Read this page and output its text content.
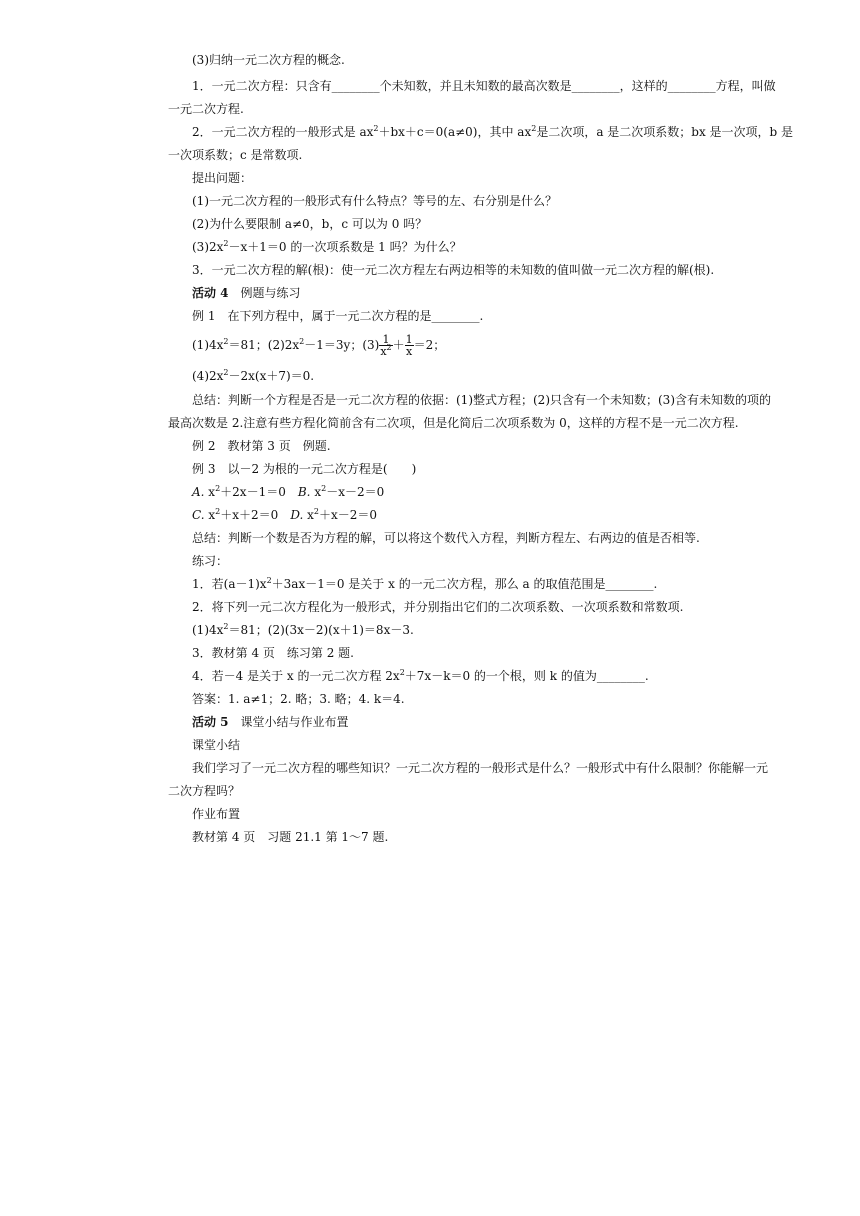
(3)归纳一元二次方程的概念.
1．一元二次方程：只含有________个未知数，并且未知数的最高次数是________，这样的________方程，叫做
一元二次方程.
2．一元二次方程的一般形式是 $ax^2+bx+c=0(a\ne 0)$，其中 $ax^2$是二次项，a 是二次项系数；bx 是一次项，b 是
一次项系数；c 是常数项.
提出问题：
(1)一元二次方程的一般形式有什么特点？等号的左、右分别是什么？
(2)为什么要限制 a≠0，b，c 可以为 0 吗？
$(3)2x^2-x+1=0$ 的一次项系数是 1 吗？为什么？
3．一元二次方程的解(根)：使一元二次方程左右两边相等的未知数的值叫做一元二次方程的解(根).
活动 4　例题与练习
例 1　在下列方程中，属于一元二次方程的是________.
$(1)4x^2=81$；$(2)2x^2-1=3y$；$(3) \frac{1}{x^2} + \frac{1}{x} =2$；
$(4)2x^2-2x(x+7)=0$.
总结：判断一个方程是否是一元二次方程的依据：(1)整式方程；(2)只含有一个未知数；(3)含有未知数的项的
最高次数是 2.注意有些方程化简前含有二次项，但是化简后二次项系数为 0，这样的方程不是一元二次方程.
例 2　教材第 3 页　例题.
例 3　以－2 为根的一元二次方程是(　　)
A. $x^2+2x-1=0$　B. $x^2-x-2=0$
C. $x^2+x+2=0$　D. $x^2+x-2=0$
总结：判断一个数是否为方程的解，可以将这个数代入方程，判断方程左、右两边的值是否相等.
练习：
1．若$(a-1)x^2+3ax-1=0$ 是关于 x 的一元二次方程，那么 a 的取值范围是________.
2．将下列一元二次方程化为一般形式，并分别指出它们的二次项系数、一次项系数和常数项.
$(1)4x^2=81$；(2)(3x－2)(x＋1)＝8x－3.
3．教材第 4 页　练习第 2 题.
4．若－4 是关于 x 的一元二次方程 $2x^2+7x-k=0$ 的一个根，则 k 的值为________.
答案：1. a≠1；2. 略；3. 略；4. k＝4.
活动 5　课堂小结与作业布置
课堂小结
我们学习了一元二次方程的哪些知识？一元二次方程的一般形式是什么？一般形式中有什么限制？你能解一元
二次方程吗？
作业布置
教材第 4 页　习题 21.1 第 1～7 题.
